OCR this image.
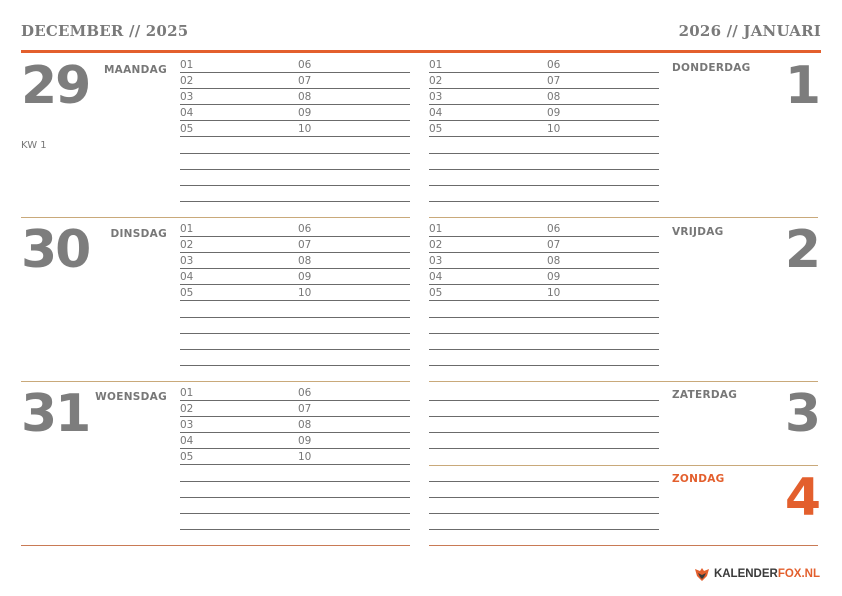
DECEMBER // 2025	2026 // JANUARI
29 MAANDAG
KW 1
30 DINSDAG
31 WOENSDAG
DONDERDAG 1
VRIJDAG 2
ZATERDAG 3
ZONDAG 4
01	06
02	07
03	08
04	09
05	10
01	06
02	07
03	08
04	09
05	10
01	06
02	07
03	08
04	09
05	10
01	06
02	07
03	08
04	09
05	10
01	06
02	07
03	08
04	09
05	10
KALENDERFOX.NL
